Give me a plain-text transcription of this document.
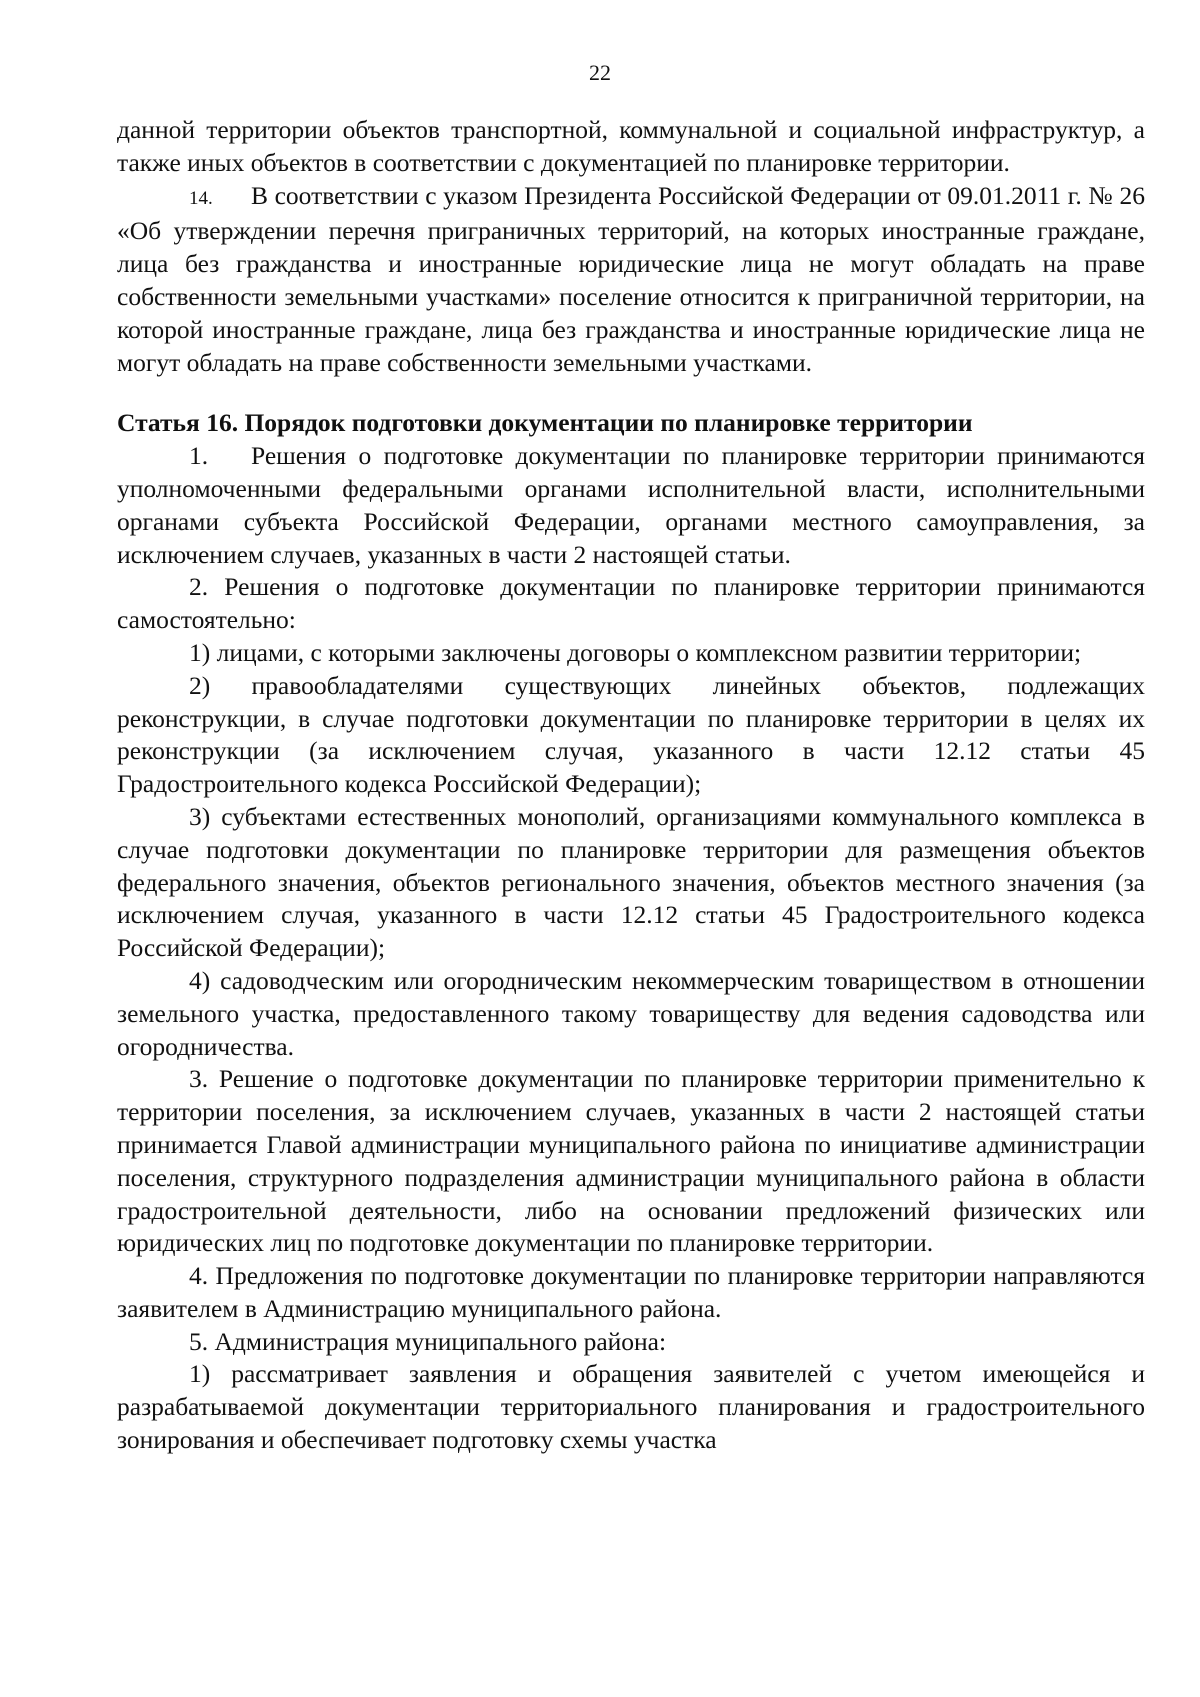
22

данной территории объектов транспортной, коммунальной и социальной инфраструктур, а также иных объектов в соответствии с документацией по планировке территории.

14. В соответствии с указом Президента Российской Федерации от 09.01.2011 г. № 26 «Об утверждении перечня приграничных территорий, на которых иностранные граждане, лица без гражданства и иностранные юридические лица не могут обладать на праве собственности земельными участками» поселение относится к приграничной территории, на которой иностранные граждане, лица без гражданства и иностранные юридические лица не могут обладать на праве собственности земельными участками.

Статья 16. Порядок подготовки документации по планировке территории

1. Решения о подготовке документации по планировке территории принимаются уполномоченными федеральными органами исполнительной власти, исполнительными органами субъекта Российской Федерации, органами местного самоуправления, за исключением случаев, указанных в части 2 настоящей статьи.

2. Решения о подготовке документации по планировке территории принимаются самостоятельно:

1) лицами, с которыми заключены договоры о комплексном развитии территории;

2) правообладателями существующих линейных объектов, подлежащих реконструкции, в случае подготовки документации по планировке территории в целях их реконструкции (за исключением случая, указанного в части 12.12 статьи 45 Градостроительного кодекса Российской Федерации);

3) субъектами естественных монополий, организациями коммунального комплекса в случае подготовки документации по планировке территории для размещения объектов федерального значения, объектов регионального значения, объектов местного значения (за исключением случая, указанного в части 12.12 статьи 45 Градостроительного кодекса Российской Федерации);

4) садоводческим или огородническим некоммерческим товариществом в отношении земельного участка, предоставленного такому товариществу для ведения садоводства или огородничества.

3. Решение о подготовке документации по планировке территории применительно к территории поселения, за исключением случаев, указанных в части 2 настоящей статьи принимается Главой администрации муниципального района по инициативе администрации поселения, структурного подразделения администрации муниципального района в области градостроительной деятельности, либо на основании предложений физических или юридических лиц по подготовке документации по планировке территории.

4. Предложения по подготовке документации по планировке территории направляются заявителем в Администрацию муниципального района.

5. Администрация муниципального района:

1) рассматривает заявления и обращения заявителей с учетом имеющейся и разрабатываемой документации территориального планирования и градостроительного зонирования и обеспечивает подготовку схемы участка
